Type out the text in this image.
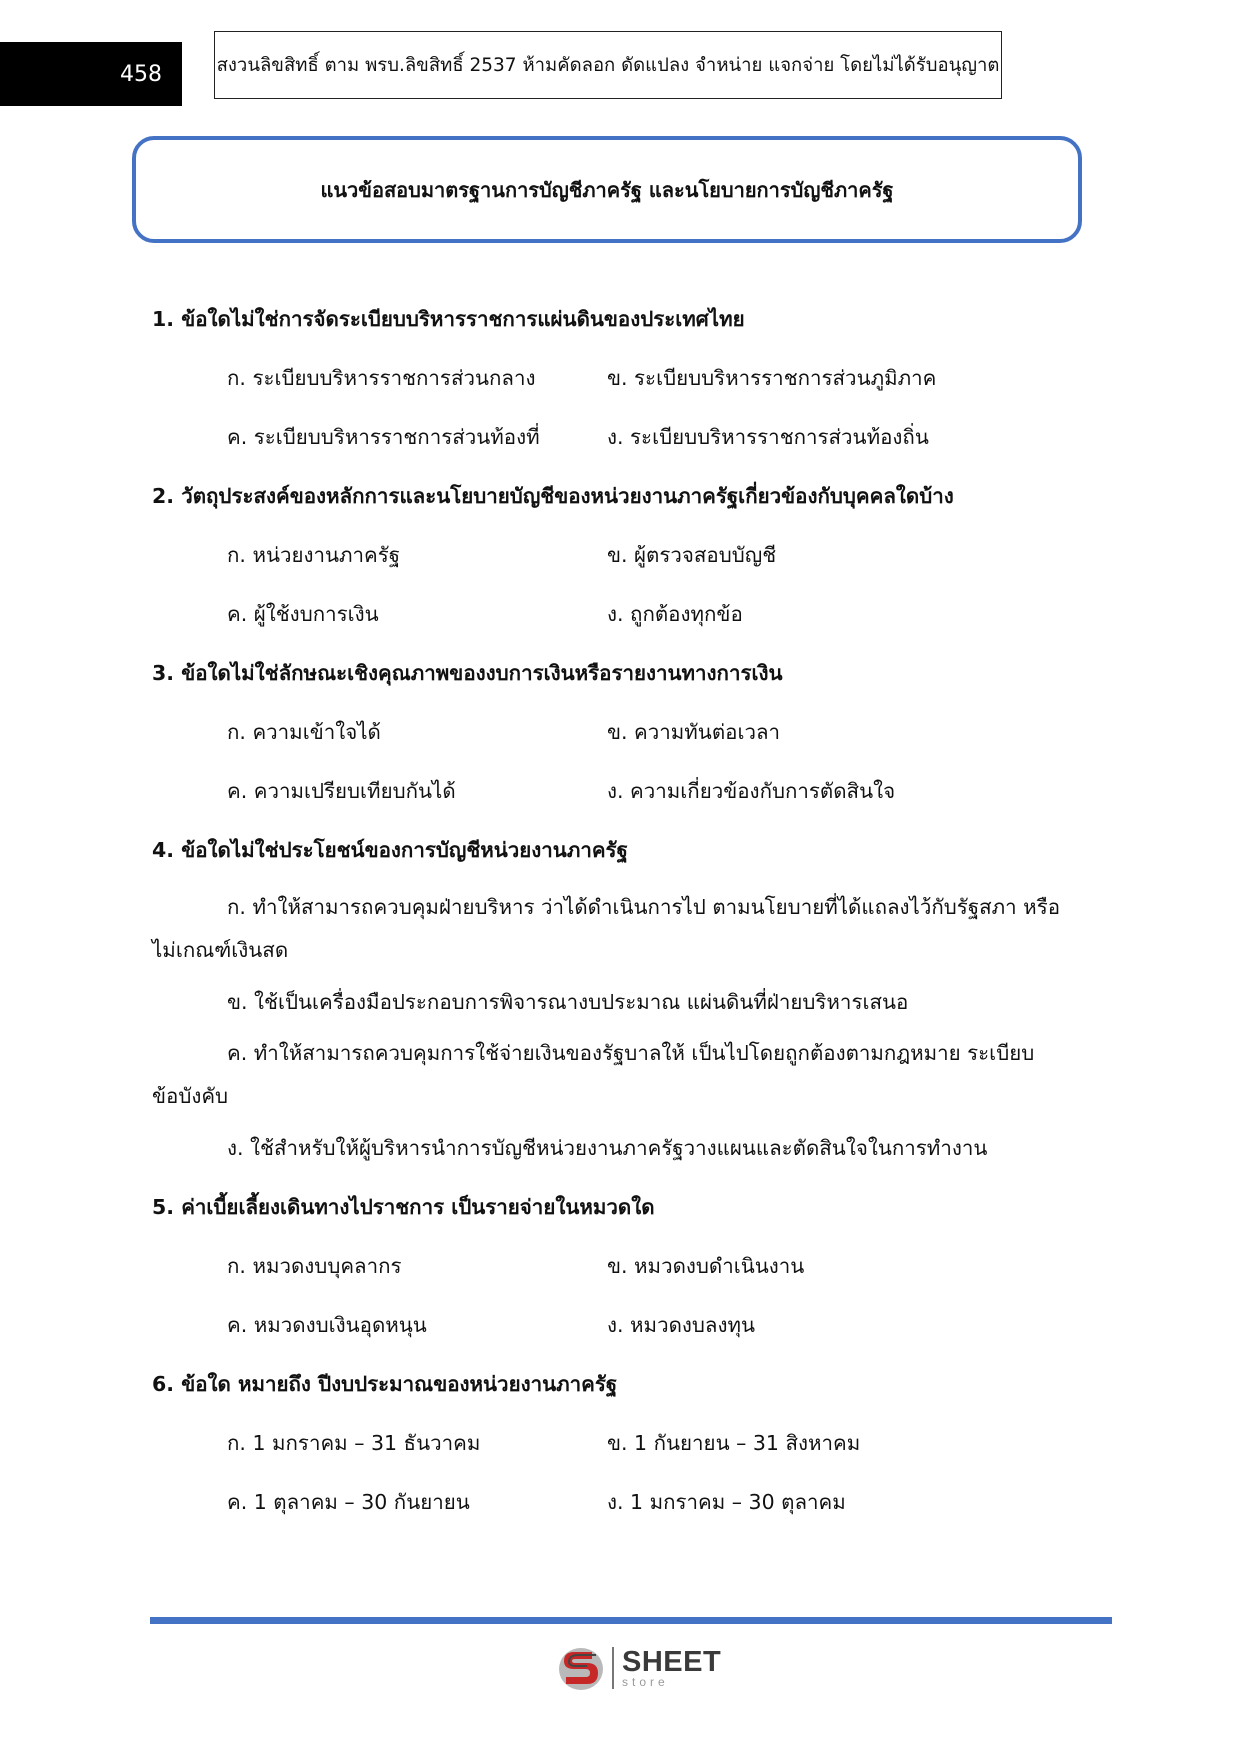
458	สงวนลิขสิทธิ์ ตาม พรบ.ลิขสิทธิ์ 2537 ห้ามคัดลอก ดัดแปลง จำหน่าย แจกจ่าย โดยไม่ได้รับอนุญาต
แนวข้อสอบมาตรฐานการบัญชีภาครัฐ และนโยบายการบัญชีภาครัฐ
1. ข้อใดไม่ใช่การจัดระเบียบบริหารราชการแผ่นดินของประเทศไทย
ก. ระเบียบบริหารราชการส่วนกลาง	ข. ระเบียบบริหารราชการส่วนภูมิภาค
ค. ระเบียบบริหารราชการส่วนท้องที่	ง. ระเบียบบริหารราชการส่วนท้องถิ่น
2. วัตถุประสงค์ของหลักการและนโยบายบัญชีของหน่วยงานภาครัฐเกี่ยวข้องกับบุคคลใดบ้าง
ก. หน่วยงานภาครัฐ	ข. ผู้ตรวจสอบบัญชี
ค. ผู้ใช้งบการเงิน	ง. ถูกต้องทุกข้อ
3. ข้อใดไม่ใช่ลักษณะเชิงคุณภาพของงบการเงินหรือรายงานทางการเงิน
ก. ความเข้าใจได้	ข. ความทันต่อเวลา
ค. ความเปรียบเทียบกันได้	ง. ความเกี่ยวข้องกับการตัดสินใจ
4. ข้อใดไม่ใช่ประโยชน์ของการบัญชีหน่วยงานภาครัฐ
ก. ทำให้สามารถควบคุมฝ่ายบริหาร ว่าได้ดำเนินการไป ตามนโยบายที่ได้แถลงไว้กับรัฐสภา หรือไม่เกณฑ์เงินสด
ข. ใช้เป็นเครื่องมือประกอบการพิจารณางบประมาณ แผ่นดินที่ฝ่ายบริหารเสนอ
ค. ทำให้สามารถควบคุมการใช้จ่ายเงินของรัฐบาลให้ เป็นไปโดยถูกต้องตามกฎหมาย ระเบียบ ข้อบังคับ
ง. ใช้สำหรับให้ผู้บริหารนำการบัญชีหน่วยงานภาครัฐวางแผนและตัดสินใจในการทำงาน
5. ค่าเบี้ยเลี้ยงเดินทางไปราชการ เป็นรายจ่ายในหมวดใด
ก. หมวดงบบุคลากร	ข. หมวดงบดำเนินงาน
ค. หมวดงบเงินอุดหนุน	ง. หมวดงบลงทุน
6. ข้อใด หมายถึง ปีงบประมาณของหน่วยงานภาครัฐ
ก. 1 มกราคม – 31 ธันวาคม	ข. 1 กันยายน – 31 สิงหาคม
ค. 1 ตุลาคม – 30 กันยายน	ง. 1 มกราคม – 30 ตุลาคม
SHEET
store
